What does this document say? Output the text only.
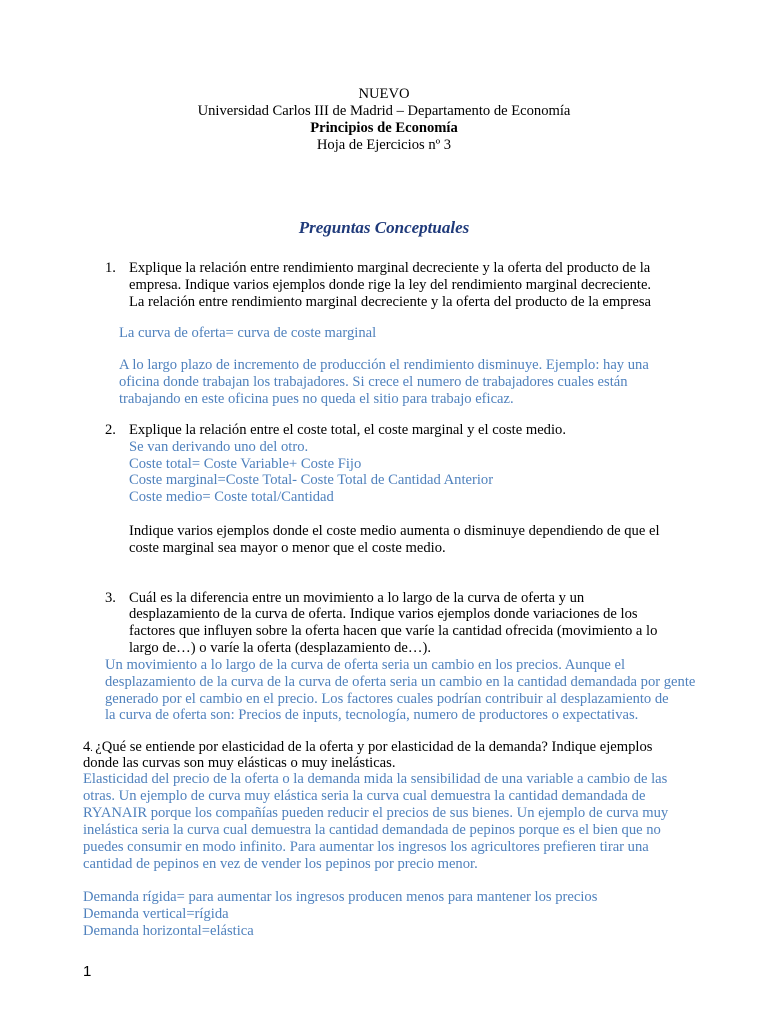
NUEVO
Universidad Carlos III de Madrid – Departamento de Economía
Principios de Economía
Hoja de Ejercicios nº 3
Preguntas Conceptuales
1. Explique la relación entre rendimiento marginal decreciente y la oferta del producto de la
empresa. Indique varios ejemplos donde rige la ley del rendimiento marginal decreciente.
La relación entre rendimiento marginal decreciente y la oferta del producto de la empresa
La curva de oferta= curva de coste marginal
A lo largo plazo de incremento de producción el rendimiento disminuye. Ejemplo: hay una
oficina donde trabajan los trabajadores. Si crece el numero de trabajadores cuales están
trabajando en este oficina pues no queda el sitio para trabajo eficaz.
2. Explique la relación entre el coste total, el coste marginal y el coste medio.
Se van derivando uno del otro.
Coste total= Coste Variable+ Coste Fijo
Coste marginal=Coste Total- Coste Total de Cantidad Anterior
Coste medio= Coste total/Cantidad
Indique varios ejemplos donde el coste medio aumenta o disminuye dependiendo de que el
coste marginal sea mayor o menor que el coste medio.
3. Cuál es la diferencia entre un movimiento a lo largo de la curva de oferta y un
desplazamiento de la curva de oferta. Indique varios ejemplos donde variaciones de los
factores que influyen sobre la oferta hacen que varíe la cantidad ofrecida (movimiento a lo
largo de…) o varíe la oferta (desplazamiento de…).
Un movimiento a lo largo de la curva de oferta seria un cambio en los precios. Aunque el
desplazamiento de la curva de la curva de oferta seria un cambio en la cantidad demandada por gente
generado por el cambio en el precio. Los factores cuales podrían contribuir al desplazamiento de
la curva de oferta son: Precios de inputs, tecnología, numero de productores o expectativas.
4. ¿Qué se entiende por elasticidad de la oferta y por elasticidad de la demanda? Indique ejemplos
donde las curvas son muy elásticas o muy inelásticas.
Elasticidad del precio de la oferta o la demanda mida la sensibilidad de una variable a cambio de las
otras. Un ejemplo de curva muy elástica seria la curva cual demuestra la cantidad demandada de
RYANAIR porque los compañías pueden reducir el precios de sus bienes. Un ejemplo de curva muy
inelástica seria la curva cual demuestra la cantidad demandada de pepinos porque es el bien que no
puedes consumir en modo infinito. Para aumentar los ingresos los agricultores prefieren tirar una
cantidad de pepinos en vez de vender los pepinos por precio menor.
Demanda rígida= para aumentar los ingresos producen menos para mantener los precios
Demanda vertical=rígida
Demanda horizontal=elástica
1
